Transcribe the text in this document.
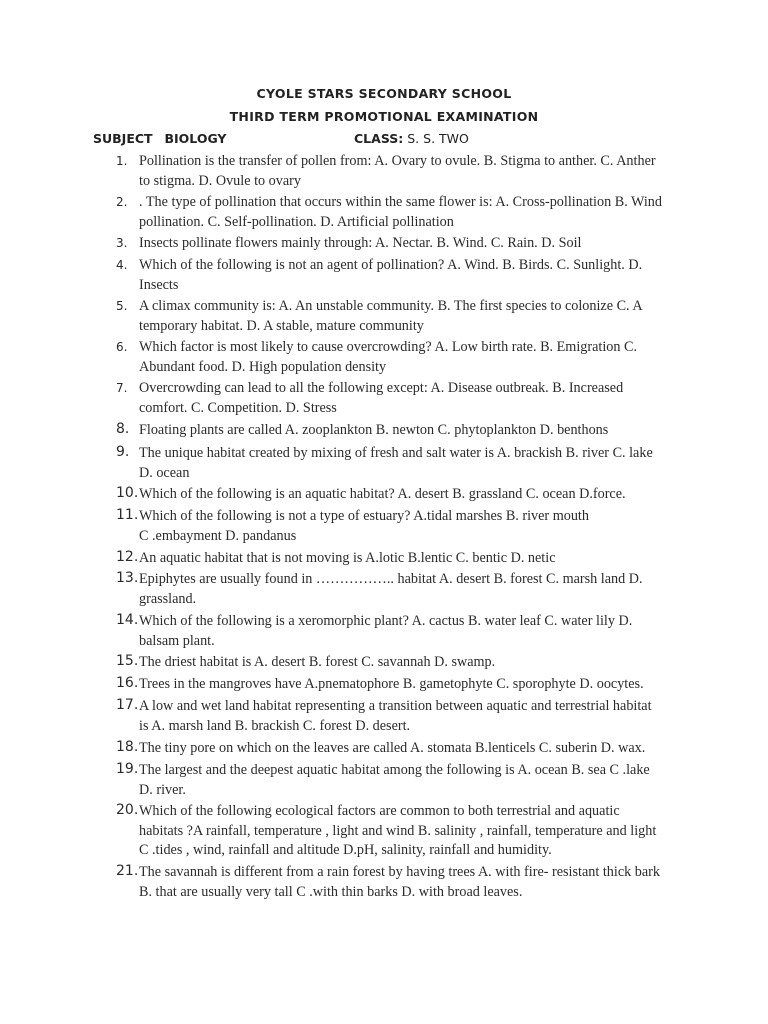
CYOLE STARS SECONDARY SCHOOL
THIRD TERM PROMOTIONAL EXAMINATION
SUBJECT BIOLOGY	CLASS: S. S. TWO
1. Pollination is the transfer of pollen from: A. Ovary to ovule. B. Stigma to anther. C. Anther
to stigma. D. Ovule to ovary
2. . The type of pollination that occurs within the same flower is: A. Cross-pollination B. Wind
pollination. C. Self-pollination. D. Artificial pollination
3. Insects pollinate flowers mainly through: A. Nectar. B. Wind. C. Rain. D. Soil
4. Which of the following is not an agent of pollination? A. Wind. B. Birds. C. Sunlight. D.
Insects
5. A climax community is: A. An unstable community. B. The first species to colonize C. A
temporary habitat. D. A stable, mature community
6. Which factor is most likely to cause overcrowding? A. Low birth rate. B. Emigration C.
Abundant food. D. High population density
7. Overcrowding can lead to all the following except: A. Disease outbreak. B. Increased
comfort. C. Competition. D. Stress
8. Floating plants are called A. zooplankton B. newton C. phytoplankton D. benthons
9. The unique habitat created by mixing of fresh and salt water is A. brackish B. river C. lake
D. ocean
10. Which of the following is an aquatic habitat? A. desert B. grassland C. ocean D.force.
11. Which of the following is not a type of estuary? A.tidal marshes B. river mouth
C .embayment D. pandanus
12. An aquatic habitat that is not moving is A.lotic B.lentic C. bentic D. netic
13. Epiphytes are usually found in …………….. habitat A. desert B. forest C. marsh land D.
grassland.
14. Which of the following is a xeromorphic plant? A. cactus B. water leaf C. water lily D.
balsam plant.
15. The driest habitat is A. desert B. forest C. savannah D. swamp.
16. Trees in the mangroves have A.pnematophore B. gametophyte C. sporophyte D. oocytes.
17. A low and wet land habitat representing a transition between aquatic and terrestrial habitat
is A. marsh land B. brackish C. forest D. desert.
18. The tiny pore on which on the leaves are called A. stomata B.lenticels C. suberin D. wax.
19. The largest and the deepest aquatic habitat among the following is A. ocean B. sea C .lake
D. river.
20. Which of the following ecological factors are common to both terrestrial and aquatic
habitats ?A rainfall, temperature , light and wind B. salinity , rainfall, temperature and light
C .tides , wind, rainfall and altitude D.pH, salinity, rainfall and humidity.
21. The savannah is different from a rain forest by having trees A. with fire- resistant thick bark
B. that are usually very tall C .with thin barks D. with broad leaves.
